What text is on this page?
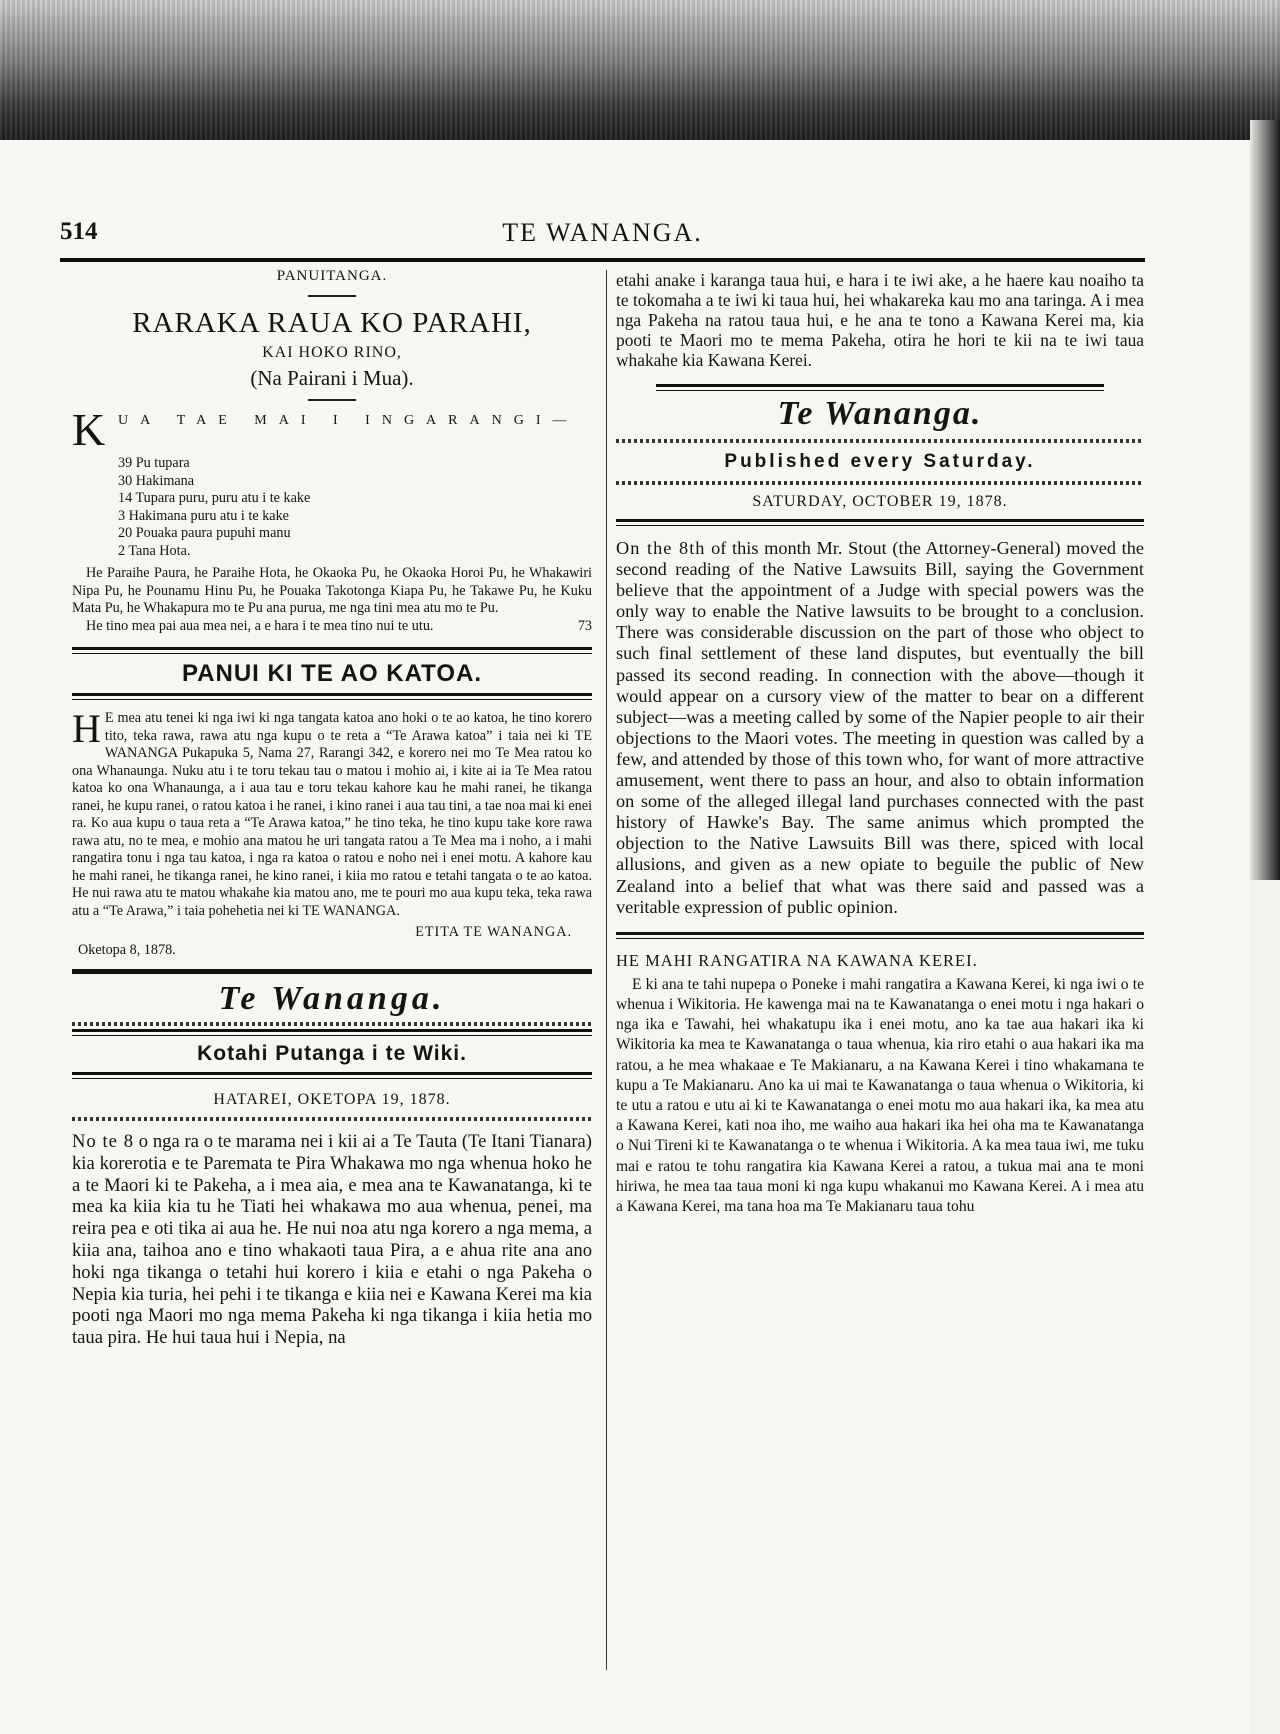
514	TE WANANGA.
PANUITANGA.
RARAKA RAUA KO PARAHI,
KAI HOKO RINO,
(Na Pairani i Mua).
K UA TAE MAI I INGARANGI—
39 Pu tupara
30 Hakimana
14 Tupara puru, puru atu i te kake
3 Hakimana puru atu i te kake
20 Pouaka paura pupuhi manu
2 Tana Hota.
He Paraihe Paura, he Paraihe Hota, he Okaoka Pu, he Okaoka Horoi Pu, he Whakawiri Nipa Pu, he Pounamu Hinu Pu, he Pouaka Takotonga Kiapa Pu, he Takawe Pu, he Kuku Mata Pu, he Whakapura mo te Pu ana purua, me nga tini mea atu mo te Pu.
He tino mea pai aua mea nei, a e hara i te mea tino nui te utu.	73
PANUI KI TE AO KATOA.
H E mea atu tenei ki nga iwi ki nga tangata katoa ano hoki o te ao katoa, he tino korero tito, teka rawa, rawa atu nga kupu o te reta a “Te Arawa katoa” i taia nei ki TE WANANGA Pukapuka 5, Nama 27, Rarangi 342, e korero nei mo Te Mea ratou ko ona Whanaunga. Nuku atu i te toru tekau tau o matou i mohio ai, i kite ai ia Te Mea ratou katoa ko ona Whanaunga, a i aua tau e toru tekau kahore kau he mahi ranei, he tikanga ranei, he kupu ranei, o ratou katoa i he ranei, i kino ranei i aua tau tini, a tae noa mai ki enei ra. Ko aua kupu o taua reta a “Te Arawa katoa,” he tino teka, he tino kupu take kore rawa rawa atu, no te mea, e mohio ana matou he uri tangata ratou a Te Mea ma i noho, a i mahi rangatira tonu i nga tau katoa, i nga ra katoa o ratou e noho nei i enei motu. A kahore kau he mahi ranei, he tikanga ranei, he kino ranei, i kiia mo ratou e tetahi tangata o te ao katoa. He nui rawa atu te matou whakahe kia matou ano, me te pouri mo aua kupu teka, teka rawa atu a “Te Arawa,” i taia pohehetia nei ki TE WANANGA.
ETITA TE WANANGA.
Oketopa 8, 1878.
Te Wananga.
Kotahi Putanga i te Wiki.
HATAREI, OKETOPA 19, 1878.
No te 8 o nga ra o te marama nei i kii ai a Te Tauta (Te Itani Tianara) kia korerotia e te Paremata te Pira Whakawa mo nga whenua hoko he a te Maori ki te Pakeha, a i mea aia, e mea ana te Kawanatanga, ki te mea ka kiia kia tu he Tiati hei whakawa mo aua whenua, penei, ma reira pea e oti tika ai aua he. He nui noa atu nga korero a nga mema, a kiia ana, taihoa ano e tino whakaoti taua Pira, a e ahua rite ana ano hoki nga tikanga o tetahi hui korero i kiia e etahi o nga Pakeha o Nepia kia turia, hei pehi i te tikanga e kiia nei e Kawana Kerei ma kia pooti nga Maori mo nga mema Pakeha ki nga tikanga i kiia hetia mo taua pira. He hui taua hui i Nepia, na
etahi anake i karanga taua hui, e hara i te iwi ake, a he haere kau noaiho ta te tokomaha a te iwi ki taua hui, hei whakareka kau mo ana taringa. A i mea nga Pakeha na ratou taua hui, e he ana te tono a Kawana Kerei ma, kia pooti te Maori mo te mema Pakeha, otira he hori te kii na te iwi taua whakahe kia Kawana Kerei.
Te Wananga.
Published every Saturday.
SATURDAY, OCTOBER 19, 1878.
On the 8th of this month Mr. Stout (the Attorney-General) moved the second reading of the Native Lawsuits Bill, saying the Government believe that the appointment of a Judge with special powers was the only way to enable the Native lawsuits to be brought to a conclusion. There was considerable discussion on the part of those who object to such final settlement of these land disputes, but eventually the bill passed its second reading. In connection with the above—though it would appear on a cursory view of the matter to bear on a different subject—was a meeting called by some of the Napier people to air their objections to the Maori votes. The meeting in question was called by a few, and attended by those of this town who, for want of more attractive amusement, went there to pass an hour, and also to obtain information on some of the alleged illegal land purchases connected with the past history of Hawke's Bay. The same animus which prompted the objection to the Native Lawsuits Bill was there, spiced with local allusions, and given as a new opiate to beguile the public of New Zealand into a belief that what was there said and passed was a veritable expression of public opinion.
HE MAHI RANGATIRA NA KAWANA KEREI.
E ki ana te tahi nupepa o Poneke i mahi rangatira a Kawana Kerei, ki nga iwi o te whenua i Wikitoria. He kawenga mai na te Kawanatanga o enei motu i nga hakari o nga ika e Tawahi, hei whakatupu ika i enei motu, ano ka tae aua hakari ika ki Wikitoria ka mea te Kawanatanga o taua whenua, kia riro etahi o aua hakari ika ma ratou, a he mea whakaae e Te Makianaru, a na Kawana Kerei i tino whakamana te kupu a Te Makianaru. Ano ka ui mai te Kawanatanga o taua whenua o Wikitoria, ki te utu a ratou e utu ai ki te Kawanatanga o enei motu mo aua hakari ika, ka mea atu a Kawana Kerei, kati noa iho, me waiho aua hakari ika hei oha ma te Kawanatanga o Nui Tireni ki te Kawanatanga o te whenua i Wikitoria. A ka mea taua iwi, me tuku mai e ratou te tohu rangatira kia Kawana Kerei a ratou, a tukua mai ana te moni hiriwa, he mea taa taua moni ki nga kupu whakanui mo Kawana Kerei. A i mea atu a Kawana Kerei, ma tana hoa ma Te Makianaru taua tohu
